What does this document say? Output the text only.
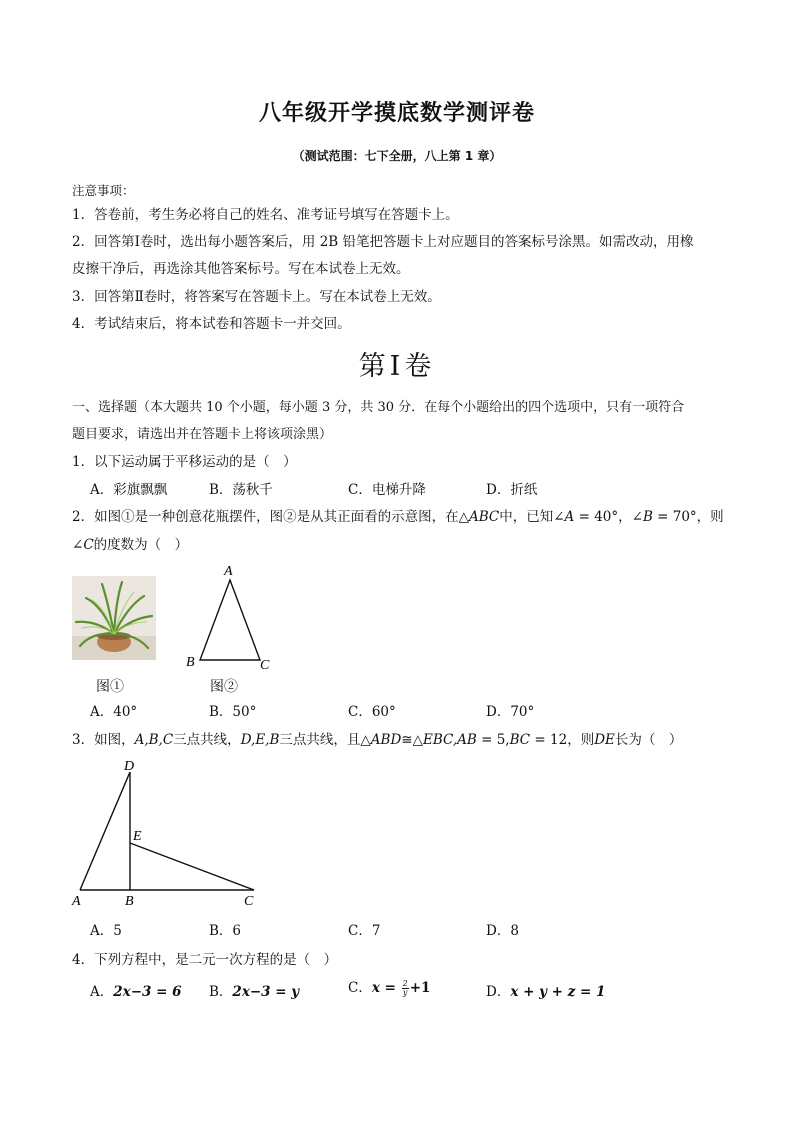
八年级开学摸底数学测评卷
（测试范围：七下全册，八上第 1 章）
注意事项：
1．答卷前，考生务必将自己的姓名、准考证号填写在答题卡上。
2．回答第Ⅰ卷时，选出每小题答案后，用 2B 铅笔把答题卡上对应题目的答案标号涂黑。如需改动，用橡
皮擦干净后，再选涂其他答案标号。写在本试卷上无效。
3．回答第Ⅱ卷时，将答案写在答题卡上。写在本试卷上无效。
4．考试结束后，将本试卷和答题卡一并交回。
第Ⅰ卷
一、选择题（本大题共 10 个小题，每小题 3 分，共 30 分．在每个小题给出的四个选项中，只有一项符合
题目要求，请选出并在答题卡上将该项涂黑）
1．以下运动属于平移运动的是（　）
A．彩旗飘飘	B．荡秋千	C．电梯升降	D．折纸
2．如图①是一种创意花瓶摆件，图②是从其正面看的示意图，在△ABC中，已知∠A = 40°，∠B = 70°，则
∠C的度数为（　）
图①
A
B	C
图②
A．40°	B．50°	C．60°	D．70°
3．如图，A,B,C三点共线，D,E,B三点共线，且△ABD≅△EBC,AB = 5,BC = 12，则DE长为（　）
D
E
A	B	C
A．5	B．6	C．7	D．8
4．下列方程中，是二元一次方程的是（　）
A．2x−3 = 6 B．2x−3 = y	C．$x = \frac{2}{y}+1$	D．x + y + z = 1
